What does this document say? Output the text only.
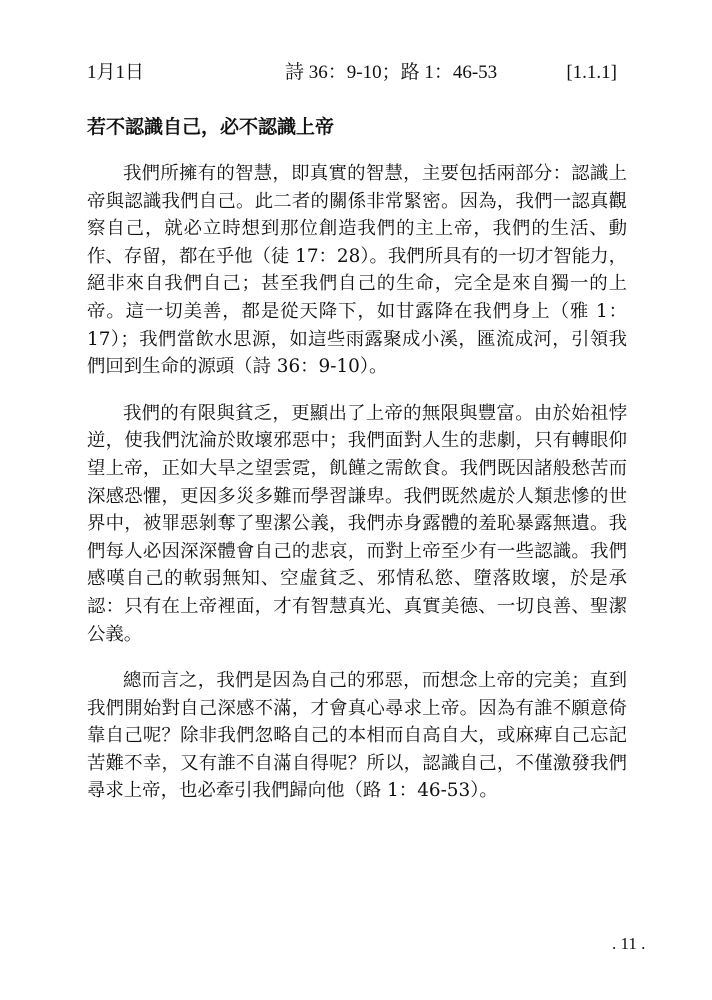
1月1日	詩 36：9-10；路 1：46-53	[1.1.1]
若不認識自己，必不認識上帝

我們所擁有的智慧，即真實的智慧，主要包括兩部分：認識上帝與認識我們自己。此二者的關係非常緊密。因為，我們一認真觀察自己，就必立時想到那位創造我們的主上帝，我們的生活、動作、存留，都在乎他（徒 17：28）。我們所具有的一切才智能力，絕非來自我們自己；甚至我們自己的生命，完全是來自獨一的上帝。這一切美善，都是從天降下，如甘露降在我們身上（雅 1：17）；我們當飲水思源，如這些雨露聚成小溪，匯流成河，引領我們回到生命的源頭（詩 36：9-10）。

我們的有限與貧乏，更顯出了上帝的無限與豐富。由於始祖悖逆，使我們沈淪於敗壞邪惡中；我們面對人生的悲劇，只有轉眼仰望上帝，正如大旱之望雲霓，飢饉之需飲食。我們既因諸般愁苦而深感恐懼，更因多災多難而學習謙卑。我們既然處於人類悲慘的世界中，被罪惡剝奪了聖潔公義，我們赤身露體的羞恥暴露無遺。我們每人必因深深體會自己的悲哀，而對上帝至少有一些認識。我們感嘆自己的軟弱無知、空虛貧乏、邪情私慾、墮落敗壞，於是承認：只有在上帝裡面，才有智慧真光、真實美德、一切良善、聖潔公義。

總而言之，我們是因為自己的邪惡，而想念上帝的完美；直到我們開始對自己深感不滿，才會真心尋求上帝。因為有誰不願意倚靠自己呢？除非我們忽略自己的本相而自高自大，或麻痺自己忘記苦難不幸，又有誰不自滿自得呢？所以，認識自己，不僅激發我們尋求上帝，也必牽引我們歸向他（路 1：46-53）。

. 11 .
